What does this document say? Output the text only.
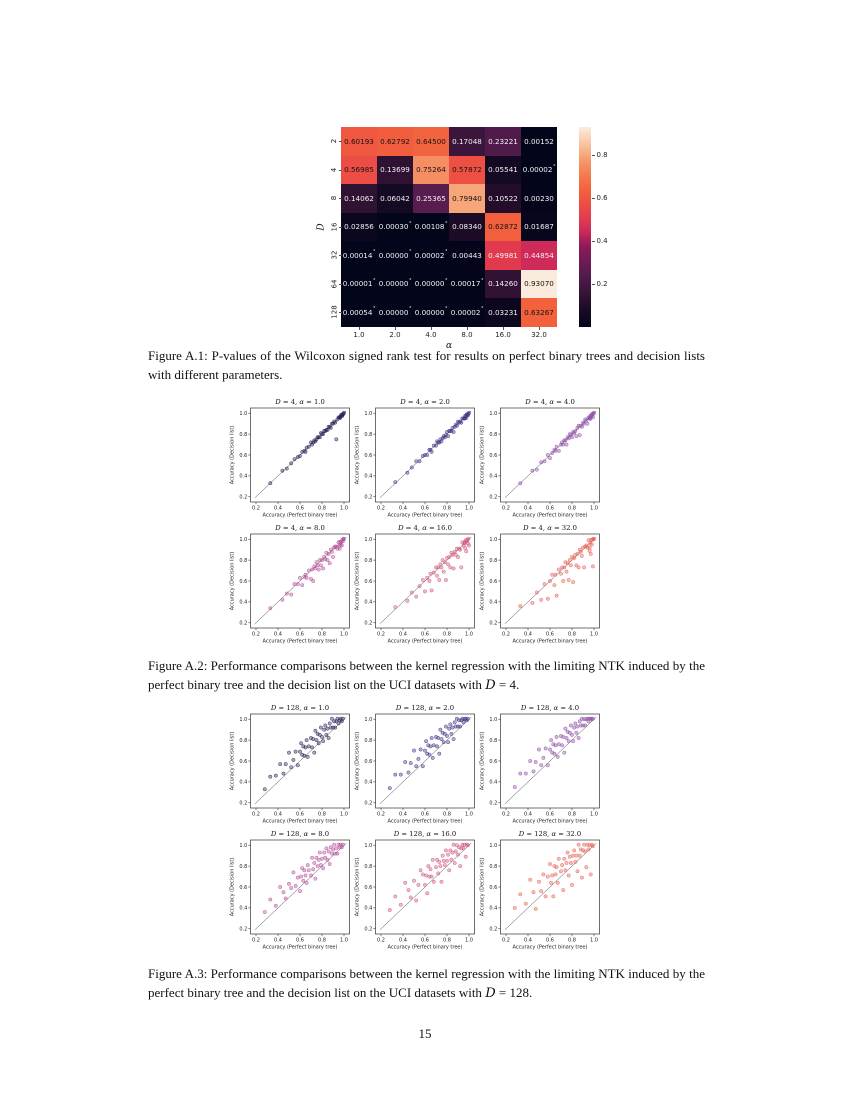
D
2
4
8
16
32
64
128
0.60193 0.62792 0.64500 0.17048 0.23221 0.00152
0.56985 0.13699 0.75264 0.57872 0.05541 0.00002 *
0.14062 0.06042 0.25365 0.79940 0.10522 0.00230
0.02856 0.00030 * 0.00108 * 0.08340 0.62872 0.01687
0.00014 * 0.00000 * 0.00002 * 0.00443 0.49981 0.44854
0.00001 * 0.00000 * 0.00000 * 0.00017 * 0.14260 0.93070
0.00054 * 0.00000 * 0.00000 * 0.00002 * 0.03231 0.63267
1.0	2.0	4.0	8.0	16.0	32.0
α
0.8
0.6
0.4
0.2

Figure A.1: P-values of the Wilcoxon signed rank test for results on perfect binary trees and decision lists with different parameters.

D = 4, α = 1.0
0.2
0.2
0.4
0.4
0.6
0.6
0.8
0.8
1.0
1.0
Accuracy (Perfect binary tree)
Accuracy (Decision list)
D = 4, α = 2.0
0.2
0.2
0.4
0.4
0.6
0.6
0.8
0.8
1.0
1.0
Accuracy (Perfect binary tree)
Accuracy (Decision list)
D = 4, α = 4.0
0.2
0.2
0.4
0.4
0.6
0.6
0.8
0.8
1.0
1.0
Accuracy (Perfect binary tree)
Accuracy (Decision list)
D = 4, α = 8.0
0.2
0.2
0.4
0.4
0.6
0.6
0.8
0.8
1.0
1.0
Accuracy (Perfect binary tree)
Accuracy (Decision list)
D = 4, α = 16.0
0.2
0.2
0.4
0.4
0.6
0.6
0.8
0.8
1.0
1.0
Accuracy (Perfect binary tree)
Accuracy (Decision list)
D = 4, α = 32.0
0.2
0.2
0.4
0.4
0.6
0.6
0.8
0.8
1.0
1.0
Accuracy (Perfect binary tree)
Accuracy (Decision list)

Figure A.2: Performance comparisons between the kernel regression with the limiting NTK induced by the perfect binary tree and the decision list on the UCI datasets with D = 4.

D = 128, α = 1.0
0.2
0.2
0.4
0.4
0.6
0.6
0.8
0.8
1.0
1.0
Accuracy (Perfect binary tree)
Accuracy (Decision list)
D = 128, α = 2.0
0.2
0.2
0.4
0.4
0.6
0.6
0.8
0.8
1.0
1.0
Accuracy (Perfect binary tree)
Accuracy (Decision list)
D = 128, α = 4.0
0.2
0.2
0.4
0.4
0.6
0.6
0.8
0.8
1.0
1.0
Accuracy (Perfect binary tree)
Accuracy (Decision list)
D = 128, α = 8.0
0.2
0.2
0.4
0.4
0.6
0.6
0.8
0.8
1.0
1.0
Accuracy (Perfect binary tree)
Accuracy (Decision list)
D = 128, α = 16.0
0.2
0.2
0.4
0.4
0.6
0.6
0.8
0.8
1.0
1.0
Accuracy (Perfect binary tree)
Accuracy (Decision list)
D = 128, α = 32.0
0.2
0.2
0.4
0.4
0.6
0.6
0.8
0.8
1.0
1.0
Accuracy (Perfect binary tree)
Accuracy (Decision list)

Figure A.3: Performance comparisons between the kernel regression with the limiting NTK induced by the perfect binary tree and the decision list on the UCI datasets with D = 128.

15
